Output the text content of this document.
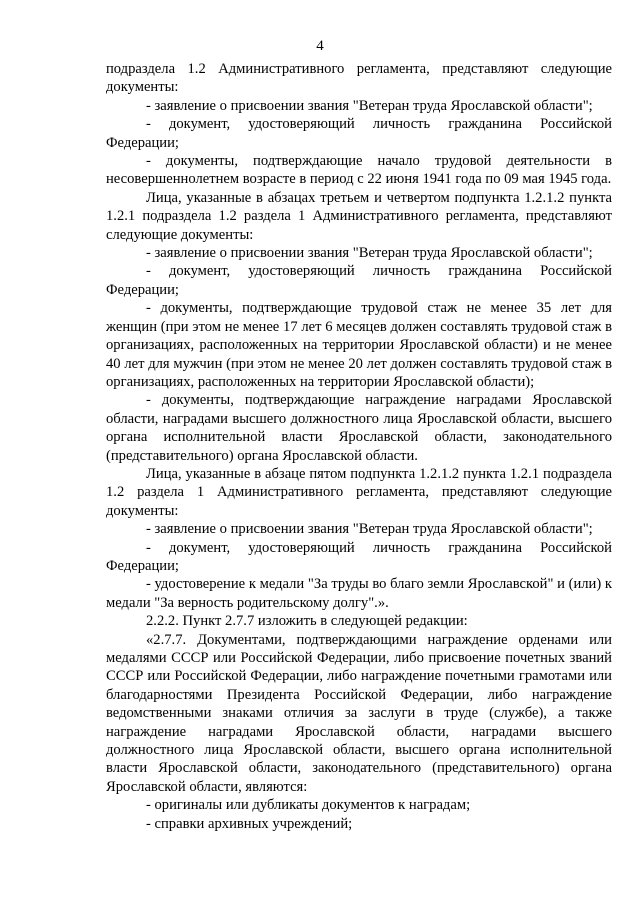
4

подраздела 1.2 Административного регламента, представляют следующие документы:

- заявление о присвоении звания "Ветеран труда Ярославской области";

- документ, удостоверяющий личность гражданина Российской Федерации;

- документы, подтверждающие начало трудовой деятельности в несовершеннолетнем возрасте в период с 22 июня 1941 года по 09 мая 1945 года.

Лица, указанные в абзацах третьем и четвертом подпункта 1.2.1.2 пункта 1.2.1 подраздела 1.2 раздела 1 Административного регламента, представляют следующие документы:

- заявление о присвоении звания "Ветеран труда Ярославской области";

- документ, удостоверяющий личность гражданина Российской Федерации;

- документы, подтверждающие трудовой стаж не менее 35 лет для женщин (при этом не менее 17 лет 6 месяцев должен составлять трудовой стаж в организациях, расположенных на территории Ярославской области) и не менее 40 лет для мужчин (при этом не менее 20 лет должен составлять трудовой стаж в организациях, расположенных на территории Ярославской области);

- документы, подтверждающие награждение наградами Ярославской области, наградами высшего должностного лица Ярославской области, высшего органа исполнительной власти Ярославской области, законодательного (представительного) органа Ярославской области.

Лица, указанные в абзаце пятом подпункта 1.2.1.2 пункта 1.2.1 подраздела 1.2 раздела 1 Административного регламента, представляют следующие документы:

- заявление о присвоении звания "Ветеран труда Ярославской области";

- документ, удостоверяющий личность гражданина Российской Федерации;

- удостоверение к медали "За труды во благо земли Ярославской" и (или) к медали "За верность родительскому долгу".».

2.2.2. Пункт 2.7.7 изложить в следующей редакции:

«2.7.7. Документами, подтверждающими награждение орденами или медалями СССР или Российской Федерации, либо присвоение почетных званий СССР или Российской Федерации, либо награждение почетными грамотами или благодарностями Президента Российской Федерации, либо награждение ведомственными знаками отличия за заслуги в труде (службе), а также награждение наградами Ярославской области, наградами высшего должностного лица Ярославской области, высшего органа исполнительной власти Ярославской области, законодательного (представительного) органа Ярославской области, являются:

- оригиналы или дубликаты документов к наградам;

- справки архивных учреждений;
